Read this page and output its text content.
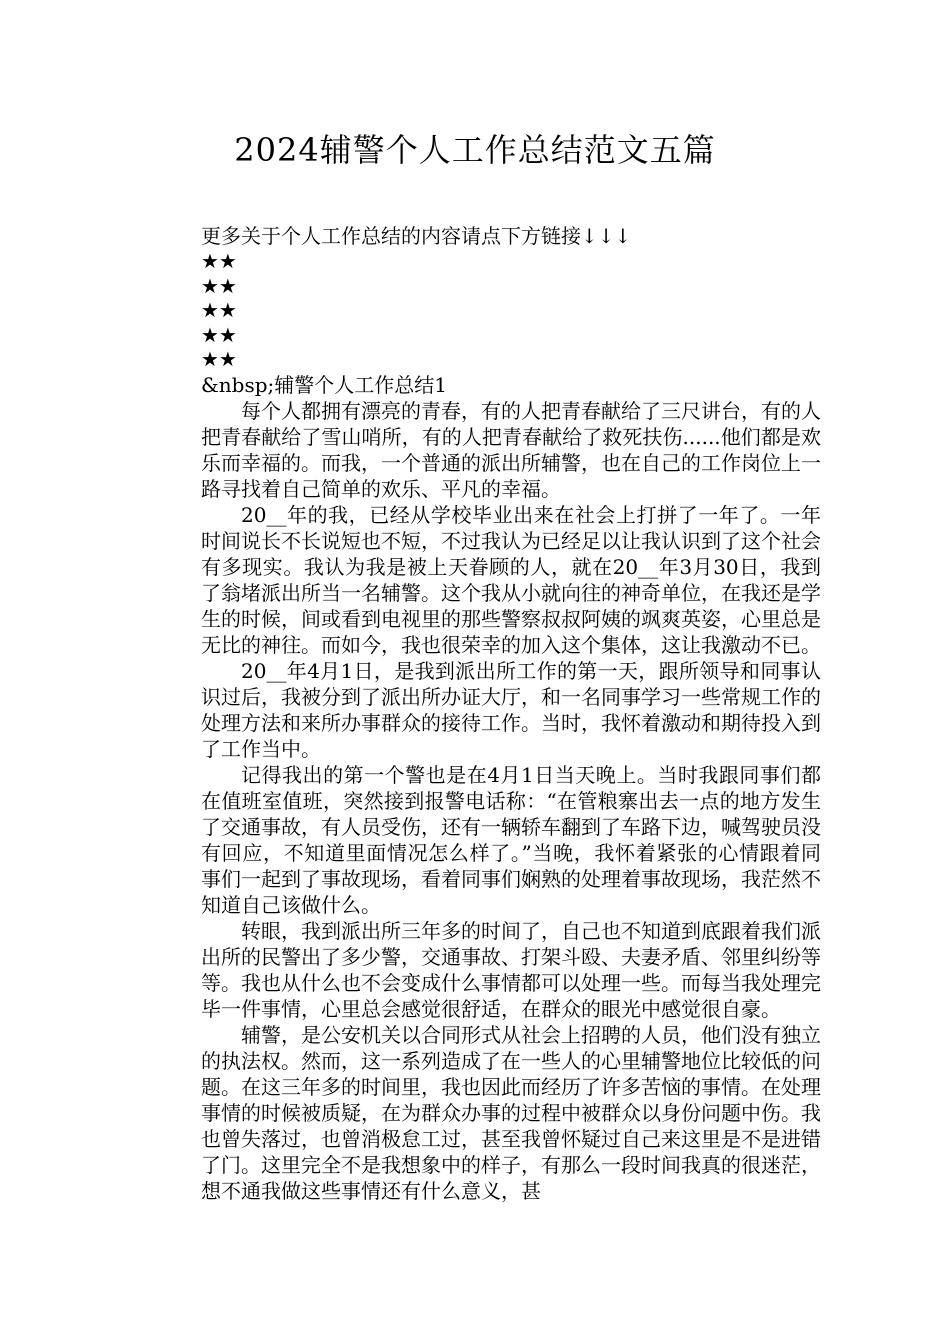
2024辅警个人工作总结范文五篇
更多关于个人工作总结的内容请点下方链接↓↓↓
★★
★★
★★
★★
★★
&nbsp;辅警个人工作总结1

每个人都拥有漂亮的青春，有的人把青春献给了三尺讲台，有的人把青春献给了雪山哨所，有的人把青春献给了救死扶伤......他们都是欢乐而幸福的。而我，一个普通的派出所辅警，也在自己的工作岗位上一路寻找着自己简单的欢乐、平凡的幸福。

20__年的我，已经从学校毕业出来在社会上打拼了一年了。一年时间说长不长说短也不短，不过我认为已经足以让我认识到了这个社会有多现实。我认为我是被上天眷顾的人，就在20__年3月30日，我到了翁堵派出所当一名辅警。这个我从小就向往的神奇单位，在我还是学生的时候，间或看到电视里的那些警察叔叔阿姨的飒爽英姿，心里总是无比的神往。而如今，我也很荣幸的加入这个集体，这让我激动不已。

20__年4月1日，是我到派出所工作的第一天，跟所领导和同事认识过后，我被分到了派出所办证大厅，和一名同事学习一些常规工作的处理方法和来所办事群众的接待工作。当时，我怀着激动和期待投入到了工作当中。

记得我出的第一个警也是在4月1日当天晚上。当时我跟同事们都在值班室值班，突然接到报警电话称：“在管粮寨出去一点的地方发生了交通事故，有人员受伤，还有一辆轿车翻到了车路下边，喊驾驶员没有回应，不知道里面情况怎么样了。”当晚，我怀着紧张的心情跟着同事们一起到了事故现场，看着同事们娴熟的处理着事故现场，我茫然不知道自己该做什么。

转眼，我到派出所三年多的时间了，自己也不知道到底跟着我们派出所的民警出了多少警，交通事故、打架斗殴、夫妻矛盾、邻里纠纷等等。我也从什么也不会变成什么事情都可以处理一些。而每当我处理完毕一件事情，心里总会感觉很舒适，在群众的眼光中感觉很自豪。

辅警，是公安机关以合同形式从社会上招聘的人员，他们没有独立的执法权。然而，这一系列造成了在一些人的心里辅警地位比较低的问题。在这三年多的时间里，我也因此而经历了许多苦恼的事情。在处理事情的时候被质疑，在为群众办事的过程中被群众以身份问题中伤。我也曾失落过，也曾消极怠工过，甚至我曾怀疑过自己来这里是不是进错了门。这里完全不是我想象中的样子，有那么一段时间我真的很迷茫，想不通我做这些事情还有什么意义，甚
